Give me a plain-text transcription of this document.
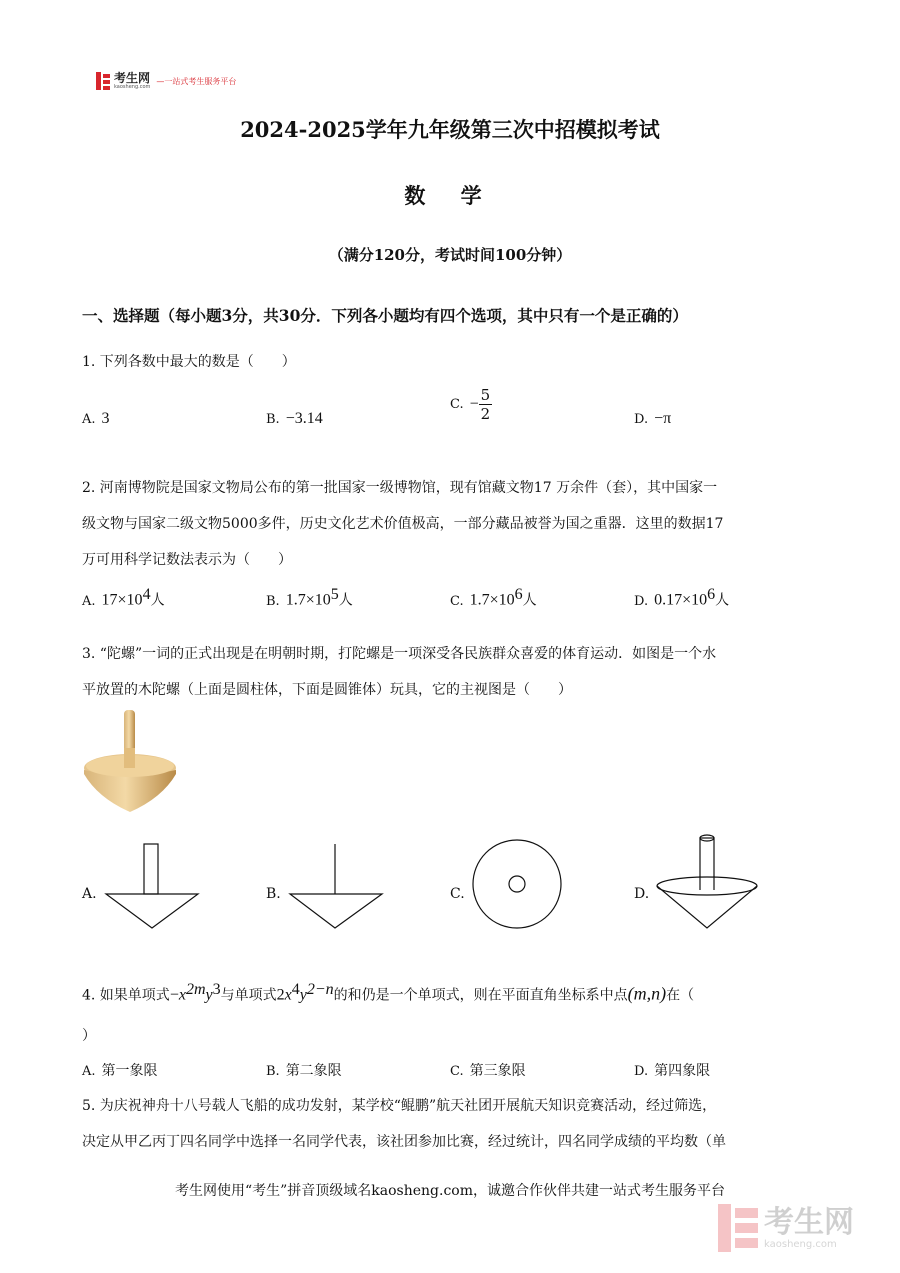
考生网
kaosheng.com
—一站式考生服务平台
2024-2025学年九年级第三次中招模拟考试
数 学
（满分120分，考试时间100分钟）
一、选择题（每小题3分，共30分．下列各小题均有四个选项，其中只有一个是正确的）
1. 下列各数中最大的数是（　　）
A. 3	B. −3.14
C. − $\frac{5}{2}$	D. −π
2. 河南博物院是国家文物局公布的第一批国家一级博物馆，现有馆藏文物17 万余件（套），其中国家一
级文物与国家二级文物5000多件，历史文化艺术价值极高，一部分藏品被誉为国之重器．这里的数据17
万可用科学记数法表示为（　　）
A. $17\times 10^4$人	B. $1.7\times 10^5$人	C. $1.7\times 10^6$人	D. $0.17\times 10^6$人
3. “陀螺”一词的正式出现是在明朝时期，打陀螺是一项深受各民族群众喜爱的体育运动．如图是一个水
平放置的木陀螺（上面是圆柱体，下面是圆锥体）玩具，它的主视图是（　　）
A.	B.	C.	D.
4. 如果单项式$-x^{2m}y^3$与单项式$2x^4y^{2-n}$的和仍是一个单项式，则在平面直角坐标系中点(m,n)在（
）
A. 第一象限	B. 第二象限	C. 第三象限	D. 第四象限
5. 为庆祝神舟十八号载人飞船的成功发射，某学校“鲲鹏”航天社团开展航天知识竞赛活动，经过筛选，
决定从甲乙丙丁四名同学中选择一名同学代表，该社团参加比赛，经过统计，四名同学成绩的平均数（单
考生网使用“考生”拼音顶级域名kaosheng.com，诚邀合作伙伴共建一站式考生服务平台
考生网
kaosheng.com
